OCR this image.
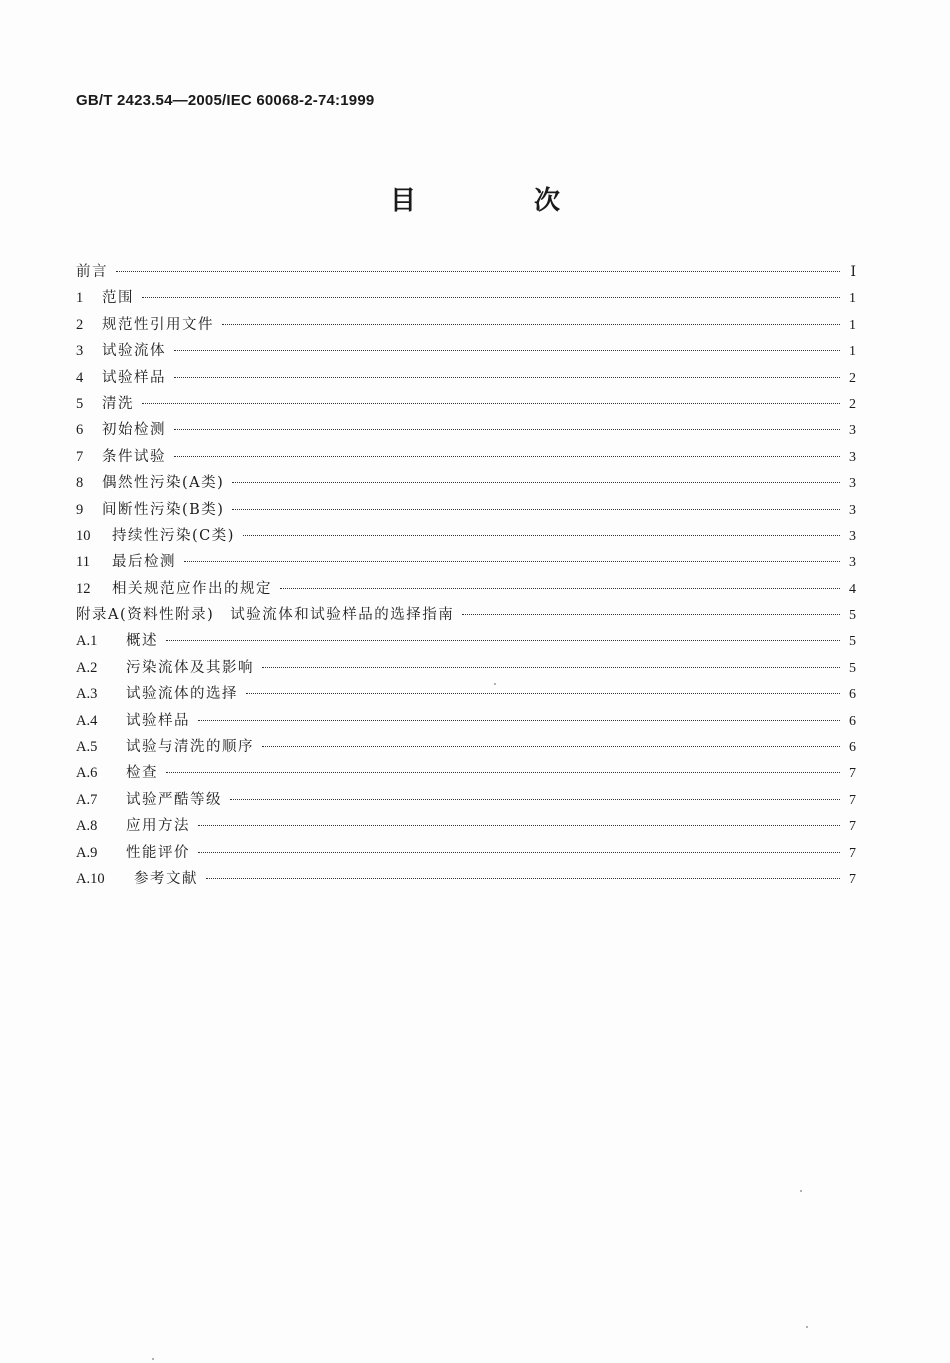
GB/T 2423.54—2005/IEC 60068-2-74:1999
目　次
前言	Ⅰ
1	范围	1
2	规范性引用文件	1
3	试验流体	1
4	试验样品	2
5	清洗	2
6	初始检测	3
7	条件试验	3
8	偶然性污染(A类)	3
9	间断性污染(B类)	3
10	持续性污染(C类)	3
11	最后检测	3
12	相关规范应作出的规定	4
附录A(资料性附录)　试验流体和试验样品的选择指南	5
A.1	概述	5
A.2	污染流体及其影响	5
A.3	试验流体的选择	6
A.4	试验样品	6
A.5	试验与清洗的顺序	6
A.6	检查	7
A.7	试验严酷等级	7
A.8	应用方法	7
A.9	性能评价	7
A.10	参考文献	7
